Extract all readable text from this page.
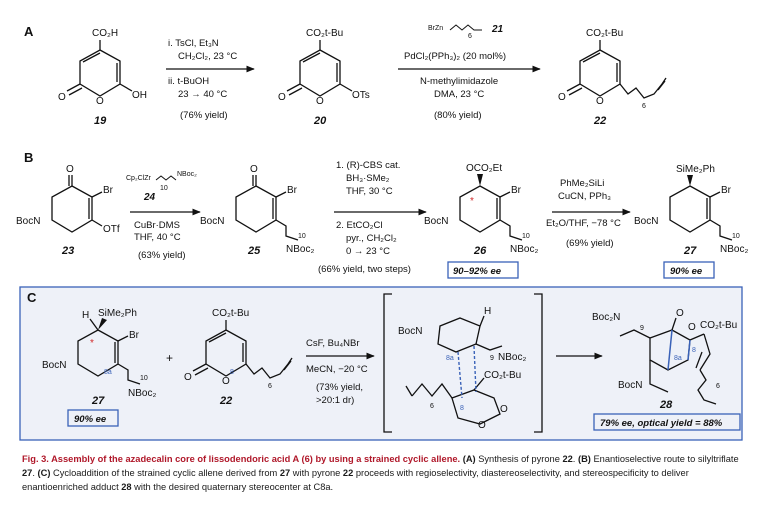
A	CO₂H
O
O	OH
19
i. TsCl, Et₃N
CH₂Cl₂, 23 °C
ii. t-BuOH
23 → 40 °C
(76% yield)
CO₂t-Bu
O
O	OTs
20
BrZn
6
21
PdCl₂(PPh₃)₂ (20 mol%)
N-methylimidazole
DMA, 23 °C
(80% yield)
CO₂t-Bu
O
O
6
22
B
O
Br
OTf
BocN
23
Cp₂ClZr
10
NBoc₂
24
CuBr·DMS
THF, 40 °C
(63% yield)
O
Br
BocN
10
NBoc₂
25
1. (R)-CBS cat.
BH₃·SMe₂
THF, 30 °C
2. EtCO₂Cl
pyr., CH₂Cl₂
0 → 23 °C
(66% yield, two steps)
*
OCO₂Et
Br
BocN
10
NBoc₂
26
90–92% ee
PhMe₂SiLi
CuCN, PPh₃
Et₂O/THF, −78 °C
(69% yield)
SiMe₂Ph
Br
BocN
10
NBoc₂
27
90% ee
C
*
H SiMe₂Ph
Br
BocN
8a
10
NBoc₂
27
90% ee
+
CO₂t-Bu
O
O	8
6
22
CsF, Bu₄NBr
MeCN, −20 °C
(73% yield,
>20:1 dr)
BocN
H
8a	9 NBoc₂
CO₂t-Bu
O
O
6	8
Boc₂N
9
O
O CO₂t-Bu
BocN
8a
8
6
28
79% ee, optical yield = 88%
Fig. 3. Assembly of the azadecalin core of lissodendoric acid A (6) by using a strained cyclic allene. (A) Synthesis of pyrone 22. (B) Enantioselective route to silyltriflate 27. (C) Cycloaddition of the strained cyclic allene derived from 27 with pyrone 22 proceeds with regioselectivity, diastereoselectivity, and stereospecificity to deliver enantioenriched adduct 28 with the desired quaternary stereocenter at C8a.
